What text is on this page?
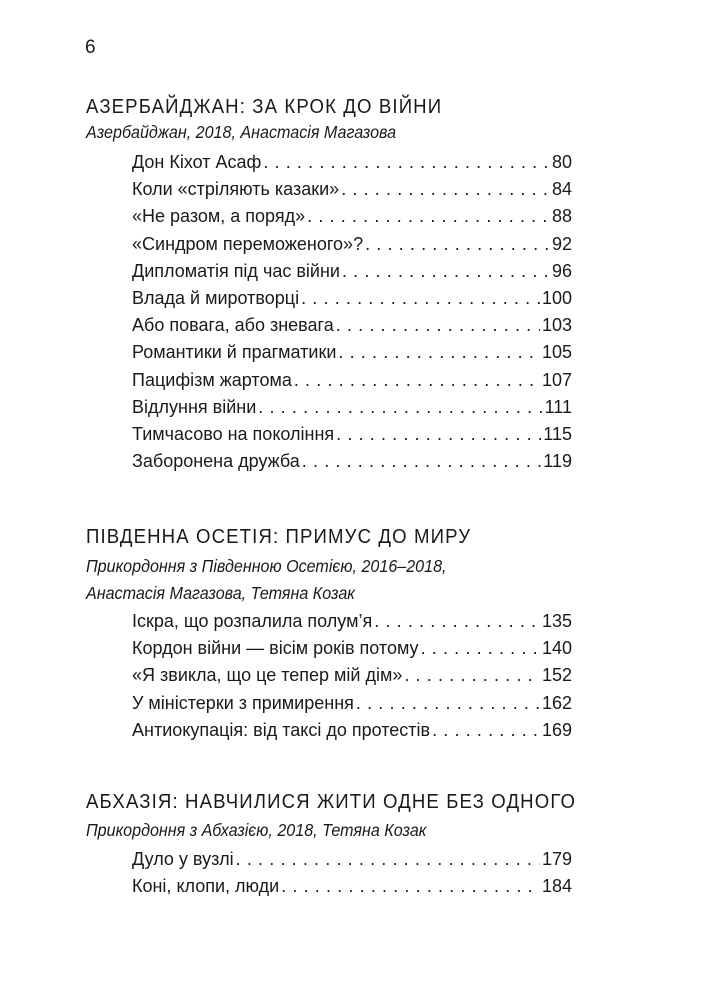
6
АЗЕРБАЙДЖАН: ЗА КРОК ДО ВІЙНИ
Азербайджан, 2018, Анастасія Магазова
Дон Кіхот Асаф . . .	80
Коли «стріляють казаки» . . .	84
«Не разом, а поряд» . . .	88
«Синдром переможеного»? . . .	92
Дипломатія під час війни . . .	96
Влада й миротворці . . .	100
Або повага, або зневага . . .	103
Романтики й прагматики . . .	105
Пацифізм жартома . . .	107
Відлуння війни . . .	111
Тимчасово на покоління . . .	115
Заборонена дружба . . .	119
ПІВДЕННА ОСЕТІЯ: ПРИМУС ДО МИРУ
Прикордоння з Південною Осетією, 2016–2018,
Анастасія Магазова, Тетяна Козак
Іскра, що розпалила полум’я . . .	135
Кордон війни — вісім років потому . . .	140
«Я звикла, що це тепер мій дім» . . .	152
У міністерки з примирення . . .	162
Антиокупація: від таксі до протестів . . .	169
АБХАЗІЯ: НАВЧИЛИСЯ ЖИТИ ОДНЕ БЕЗ ОДНОГО
Прикордоння з Абхазією, 2018, Тетяна Козак
Дуло у вузлі . . .	179
Коні, клопи, люди . . .	184
